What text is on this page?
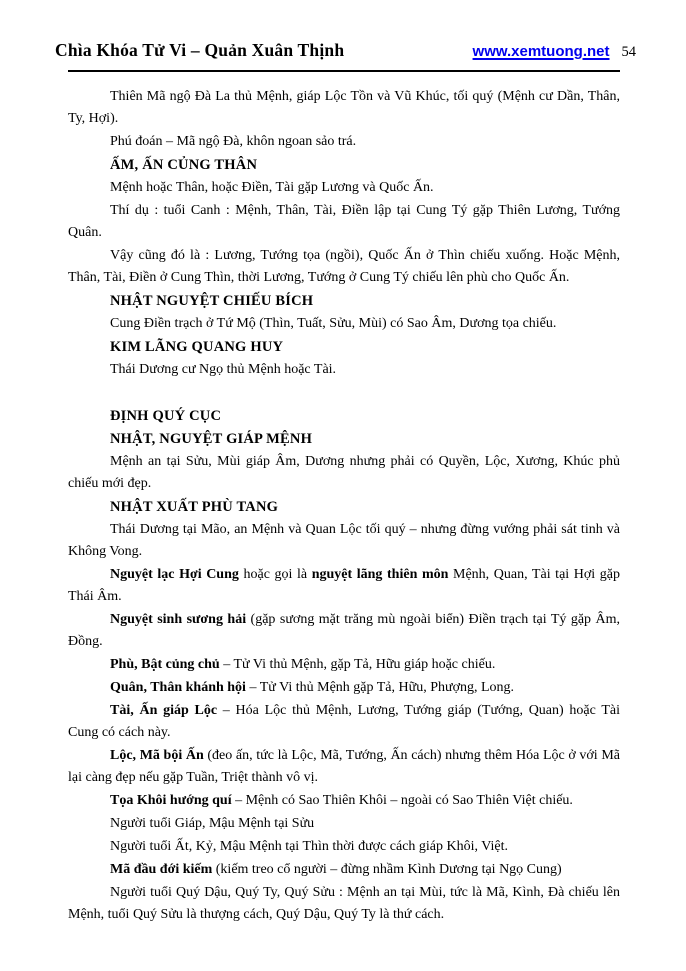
Chìa Khóa Tử Vi – Quản Xuân Thịnh	www.xemtuong.net 54

Thiên Mã ngộ Đà La thủ Mệnh, giáp Lộc Tồn và Vũ Khúc, tối quý (Mệnh cư Dần, Thân, Ty, Hợi).

Phú đoán – Mã ngộ Đà, khôn ngoan sảo trá.

ẤM, ẤN CỦNG THÂN

Mệnh hoặc Thân, hoặc Điền, Tài gặp Lương và Quốc Ấn.

Thí dụ : tuổi Canh : Mệnh, Thân, Tài, Điền lập tại Cung Tý gặp Thiên Lương, Tướng Quân.

Vậy cũng đó là : Lương, Tướng tọa (ngồi), Quốc Ấn ở Thìn chiếu xuống. Hoặc Mệnh, Thân, Tài, Điền ở Cung Thìn, thời Lương, Tướng ở Cung Tý chiếu lên phù cho Quốc Ấn.

NHẬT NGUYỆT CHIẾU BÍCH

Cung Điền trạch ở Tứ Mộ (Thìn, Tuất, Sửu, Mùi) có Sao Âm, Dương tọa chiếu.

KIM LÃNG QUANG HUY

Thái Dương cư Ngọ thủ Mệnh hoặc Tài.

ĐỊNH QUÝ CỤC

NHẬT, NGUYỆT GIÁP MỆNH

Mệnh an tại Sửu, Mùi giáp Âm, Dương nhưng phải có Quyền, Lộc, Xương, Khúc phủ chiếu mới đẹp.

NHẬT XUẤT PHÙ TANG

Thái Dương tại Mão, an Mệnh và Quan Lộc tối quý – nhưng đừng vướng phải sát tinh và Không Vong.

Nguyệt lạc Hợi Cung hoặc gọi là nguyệt lãng thiên môn Mệnh, Quan, Tài tại Hợi gặp Thái Âm.

Nguyệt sinh sương hải (gặp sương mặt trăng mù ngoài biển) Điền trạch tại Tý gặp Âm, Đồng.

Phù, Bật củng chủ – Tử Vi thủ Mệnh, gặp Tả, Hữu giáp hoặc chiếu.

Quân, Thân khánh hội – Tử Vi thủ Mệnh gặp Tả, Hữu, Phượng, Long.

Tài, Ấn giáp Lộc – Hóa Lộc thủ Mệnh, Lương, Tướng giáp (Tướng, Quan) hoặc Tài Cung có cách này.

Lộc, Mã bội Ấn (đeo ấn, tức là Lộc, Mã, Tướng, Ấn cách) nhưng thêm Hóa Lộc ở với Mã lại càng đẹp nếu gặp Tuần, Triệt thành vô vị.

Tọa Khôi hướng quí – Mệnh có Sao Thiên Khôi – ngoài có Sao Thiên Việt chiếu.

Người tuổi Giáp, Mậu Mệnh tại Sửu

Người tuổi Ất, Kỷ, Mậu Mệnh tại Thìn thời được cách giáp Khôi, Việt.

Mã đầu đới kiếm (kiếm treo cổ người – đừng nhầm Kình Dương tại Ngọ Cung)

Người tuổi Quý Dậu, Quý Ty, Quý Sửu : Mệnh an tại Mùi, tức là Mã, Kình, Đà chiếu lên Mệnh, tuổi Quý Sửu là thượng cách, Quý Dậu, Quý Ty là thứ cách.
